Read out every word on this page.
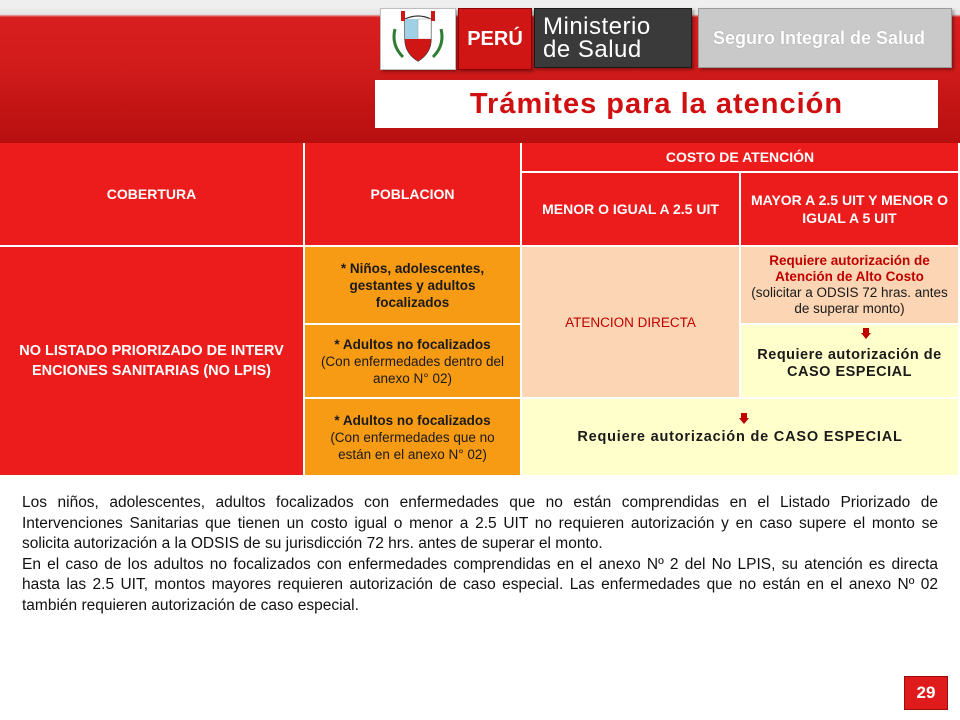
PERÚ Ministerio
de Salud	Seguro Integral de Salud
Trámites para la atención
COBERTURA	POBLACION
COSTO DE ATENCIÓN
MENOR O IGUAL A 2.5 UIT
MAYOR A 2.5 UIT Y MENOR O IGUAL A 5 UIT
NO LISTADO PRIORIZADO DE INTERV ENCIONES SANITARIAS (NO LPIS)
* Niños, adolescentes, gestantes y adultos focalizados
* Adultos no focalizados
(Con enfermedades dentro del anexo N° 02)
* Adultos no focalizados
(Con enfermedades que no están en el anexo N° 02)
ATENCION DIRECTA
Requiere autorización de Atención de Alto Costo
(solicitar a ODSIS 72 hras. antes de superar monto)
Requiere autorización de CASO ESPECIAL
Requiere autorización de CASO ESPECIAL

Los niños, adolescentes, adultos focalizados con enfermedades que no están comprendidas en el Listado Priorizado de Intervenciones Sanitarias que tienen un costo igual o menor a 2.5 UIT no requieren autorización y en caso supere el monto se solicita autorización a la ODSIS de su jurisdicción 72 hrs. antes de superar el monto.

En el caso de los adultos no focalizados con enfermedades comprendidas en el anexo Nº 2 del No LPIS, su atención es directa hasta las 2.5 UIT, montos mayores requieren autorización de caso especial. Las enfermedades que no están en el anexo Nº 02 también requieren autorización de caso especial.

29
